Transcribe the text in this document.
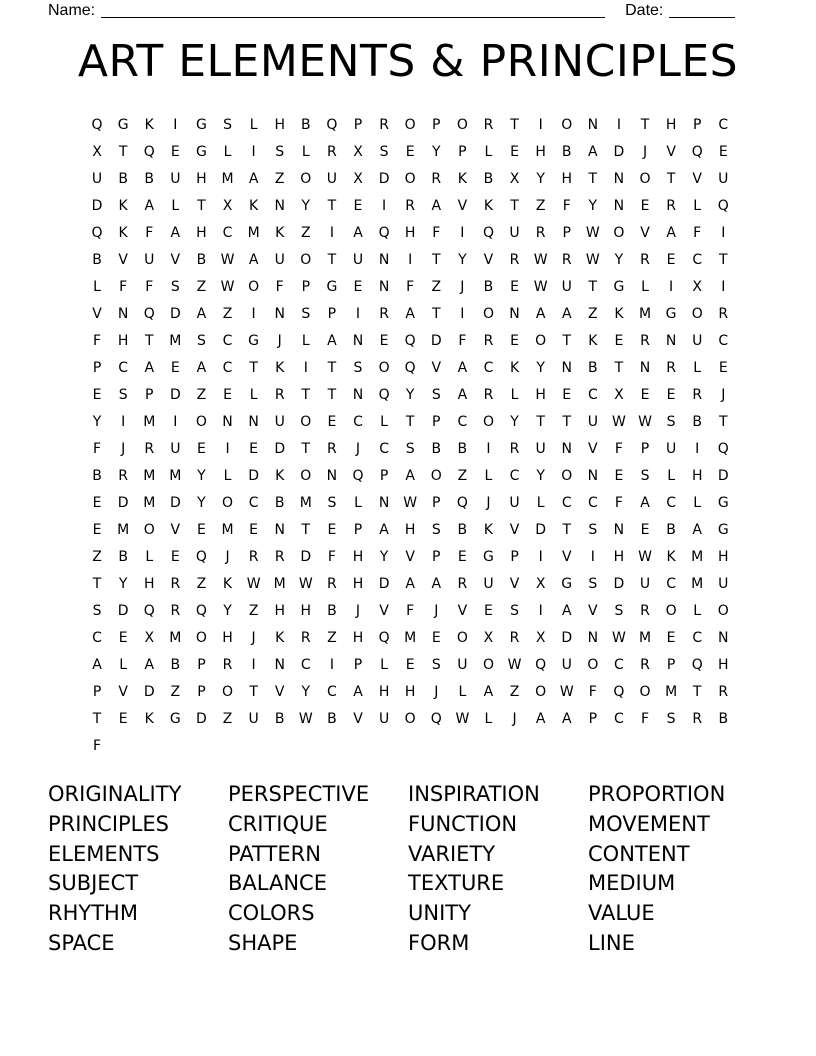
Name:	Date:
ART ELEMENTS & PRINCIPLES
Q	G	K	I	G	S	L	H	B	Q	P	R	O	P	O	R	T	I	O	N	I	T	H	P	C
X	T	Q	E	G	L	I	S	L	R	X	S	E	Y	P	L	E	H	B	A	D	J	V	Q	E
U	B	B	U	H	M	A	Z	O	U	X	D	O	R	K	B	X	Y	H	T	N	O	T	V	U
D	K	A	L	T	X	K	N	Y	T	E	I	R	A	V	K	T	Z	F	Y	N	E	R	L	Q
Q	K	F	A	H	C	M	K	Z	I	A	Q	H	F	I	Q	U	R	P	W O	V	A	F	I
B	V	U	V	B	W	A	U	O	T	U	N	I	T	Y	V	R	W	R	W	Y	R	E	C	T
L	F	F	S	Z	W O	F	P	G	E	N	F	Z	J	B	E	W	U	T	G	L	I	X	I
V	N	Q	D	A	Z	I	N	S	P	I	R	A	T	I	O	N	A	A	Z	K	M	G	O	R
F	H	T	M	S	C	G	J	L	A	N	E	Q	D	F	R	E	O	T	K	E	R	N	U	C
P	C	A	E	A	C	T	K	I	T	S	O	Q	V	A	C	K	Y	N	B	T	N	R	L	E
E	S	P	D	Z	E	L	R	T	T	N	Q	Y	S	A	R	L	H	E	C	X	E	E	R	J
Y	I	M	I	O	N	N	U	O	E	C	L	T	P	C	O	Y	T	T	U	W W	S	B	T
F	J	R	U	E	I	E	D	T	R	J	C	S	B	B	I	R	U	N	V	F	P	U	I	Q
B	R	M	M	Y	L	D	K	O	N	Q	P	A	O	Z	L	C	Y	O	N	E	S	L	H	D
E	D	M	D	Y	O	C	B	M	S	L	N W	P	Q	J	U	L	C	C	F	A	C	L	G
E	M	O	V	E	M	E	N	T	E	P	A	H	S	B	K	V	D	T	S	N	E	B	A	G
Z	B	L	E	Q	J	R	R	D	F	H	Y	V	P	E	G	P	I	V	I	H W	K	M	H
T	Y	H	R	Z	K	W M W	R	H	D	A	A	R	U	V	X	G	S	D	U	C	M	U
S	D	Q	R	Q	Y	Z	H	H	B	J	V	F	J	V	E	S	I	A	V	S	R	O	L	O
C	E	X	M	O	H	J	K	R	Z	H	Q	M	E	O	X	R	X	D	N W M	E	C	N
A	L	A	B	P	R	I	N	C	I	P	L	E	S	U	O W Q	U	O	C	R	P	Q	H
P	V	D	Z	P	O	T	V	Y	C	A	H	H	J	L	A	Z	O W	F	Q	O	M	T	R
T	E	K	G	D	Z	U	B	W	B	V	U	O	Q W	L	J	A	A	P	C	F	S	R	B
F
ORIGINALITY	PERSPECTIVE	INSPIRATION	PROPORTION
PRINCIPLES	CRITIQUE	FUNCTION	MOVEMENT
ELEMENTS	PATTERN	VARIETY	CONTENT
SUBJECT	BALANCE	TEXTURE	MEDIUM
RHYTHM	COLORS	UNITY	VALUE
SPACE	SHAPE	FORM	LINE
